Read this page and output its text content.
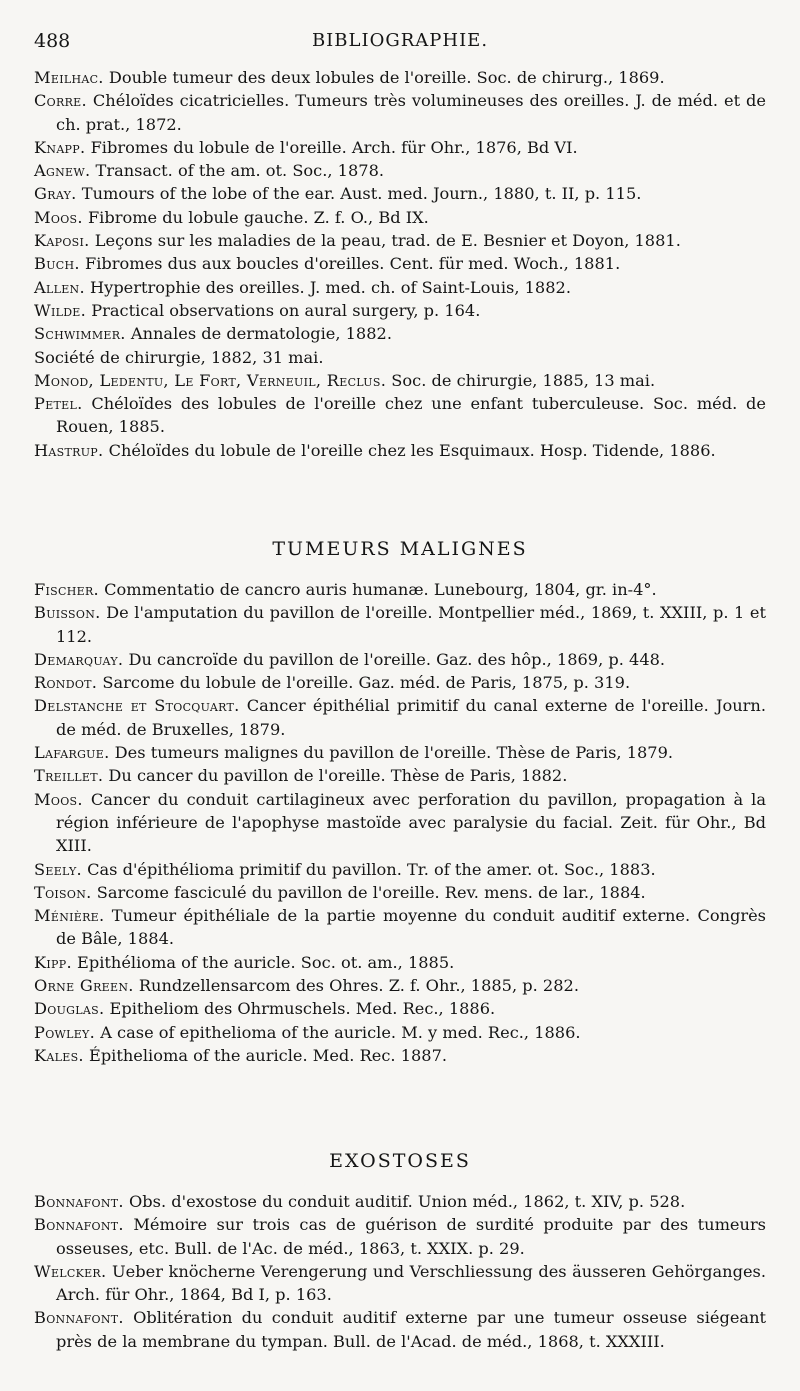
488	BIBLIOGRAPHIE.
Meilhac. Double tumeur des deux lobules de l'oreille. Soc. de chirurg., 1869.
Corre. Chéloïdes cicatricielles. Tumeurs très volumineuses des oreilles. J. de méd. et de ch. prat., 1872.
Knapp. Fibromes du lobule de l'oreille. Arch. für Ohr., 1876, Bd VI.
Agnew. Transact. of the am. ot. Soc., 1878.
Gray. Tumours of the lobe of the ear. Aust. med. Journ., 1880, t. II, p. 115.
Moos. Fibrome du lobule gauche. Z. f. O., Bd IX.
Kaposi. Leçons sur les maladies de la peau, trad. de E. Besnier et Doyon, 1881.
Buch. Fibromes dus aux boucles d'oreilles. Cent. für med. Woch., 1881.
Allen. Hypertrophie des oreilles. J. med. ch. of Saint-Louis, 1882.
Wilde. Practical observations on aural surgery, p. 164.
Schwimmer. Annales de dermatologie, 1882.
Société de chirurgie, 1882, 31 mai.
Monod, Ledentu, Le Fort, Verneuil, Reclus. Soc. de chirurgie, 1885, 13 mai.
Petel. Chéloïdes des lobules de l'oreille chez une enfant tuberculeuse. Soc. méd. de Rouen, 1885.
Hastrup. Chéloïdes du lobule de l'oreille chez les Esquimaux. Hosp. Tidende, 1886.
TUMEURS MALIGNES
Fischer. Commentatio de cancro auris humanæ. Lunebourg, 1804, gr. in-4°.
Buisson. De l'amputation du pavillon de l'oreille. Montpellier méd., 1869, t. XXIII, p. 1 et 112.
Demarquay. Du cancroïde du pavillon de l'oreille. Gaz. des hôp., 1869, p. 448.
Rondot. Sarcome du lobule de l'oreille. Gaz. méd. de Paris, 1875, p. 319.
Delstanche et Stocquart. Cancer épithélial primitif du canal externe de l'oreille. Journ. de méd. de Bruxelles, 1879.
Lafargue. Des tumeurs malignes du pavillon de l'oreille. Thèse de Paris, 1879.
Treillet. Du cancer du pavillon de l'oreille. Thèse de Paris, 1882.
Moos. Cancer du conduit cartilagineux avec perforation du pavillon, propagation à la région inférieure de l'apophyse mastoïde avec paralysie du facial. Zeit. für Ohr., Bd XIII.
Seely. Cas d'épithélioma primitif du pavillon. Tr. of the amer. ot. Soc., 1883.
Toison. Sarcome fasciculé du pavillon de l'oreille. Rev. mens. de lar., 1884.
Ménière. Tumeur épithéliale de la partie moyenne du conduit auditif externe. Congrès de Bâle, 1884.
Kipp. Epithélioma of the auricle. Soc. ot. am., 1885.
Orne Green. Rundzellensarcom des Ohres. Z. f. Ohr., 1885, p. 282.
Douglas. Epitheliom des Ohrmuschels. Med. Rec., 1886.
Powley. A case of epithelioma of the auricle. M. y med. Rec., 1886.
Kales. Épithelioma of the auricle. Med. Rec. 1887.
EXOSTOSES
Bonnafont. Obs. d'exostose du conduit auditif. Union méd., 1862, t. XIV, p. 528.
Bonnafont. Mémoire sur trois cas de guérison de surdité produite par des tumeurs osseuses, etc. Bull. de l'Ac. de méd., 1863, t. XXIX. p. 29.
Welcker. Ueber knöcherne Verengerung und Verschliessung des äusseren Gehörganges. Arch. für Ohr., 1864, Bd I, p. 163.
Bonnafont. Oblitération du conduit auditif externe par une tumeur osseuse siégeant près de la membrane du tympan. Bull. de l'Acad. de méd., 1868, t. XXXIII.
